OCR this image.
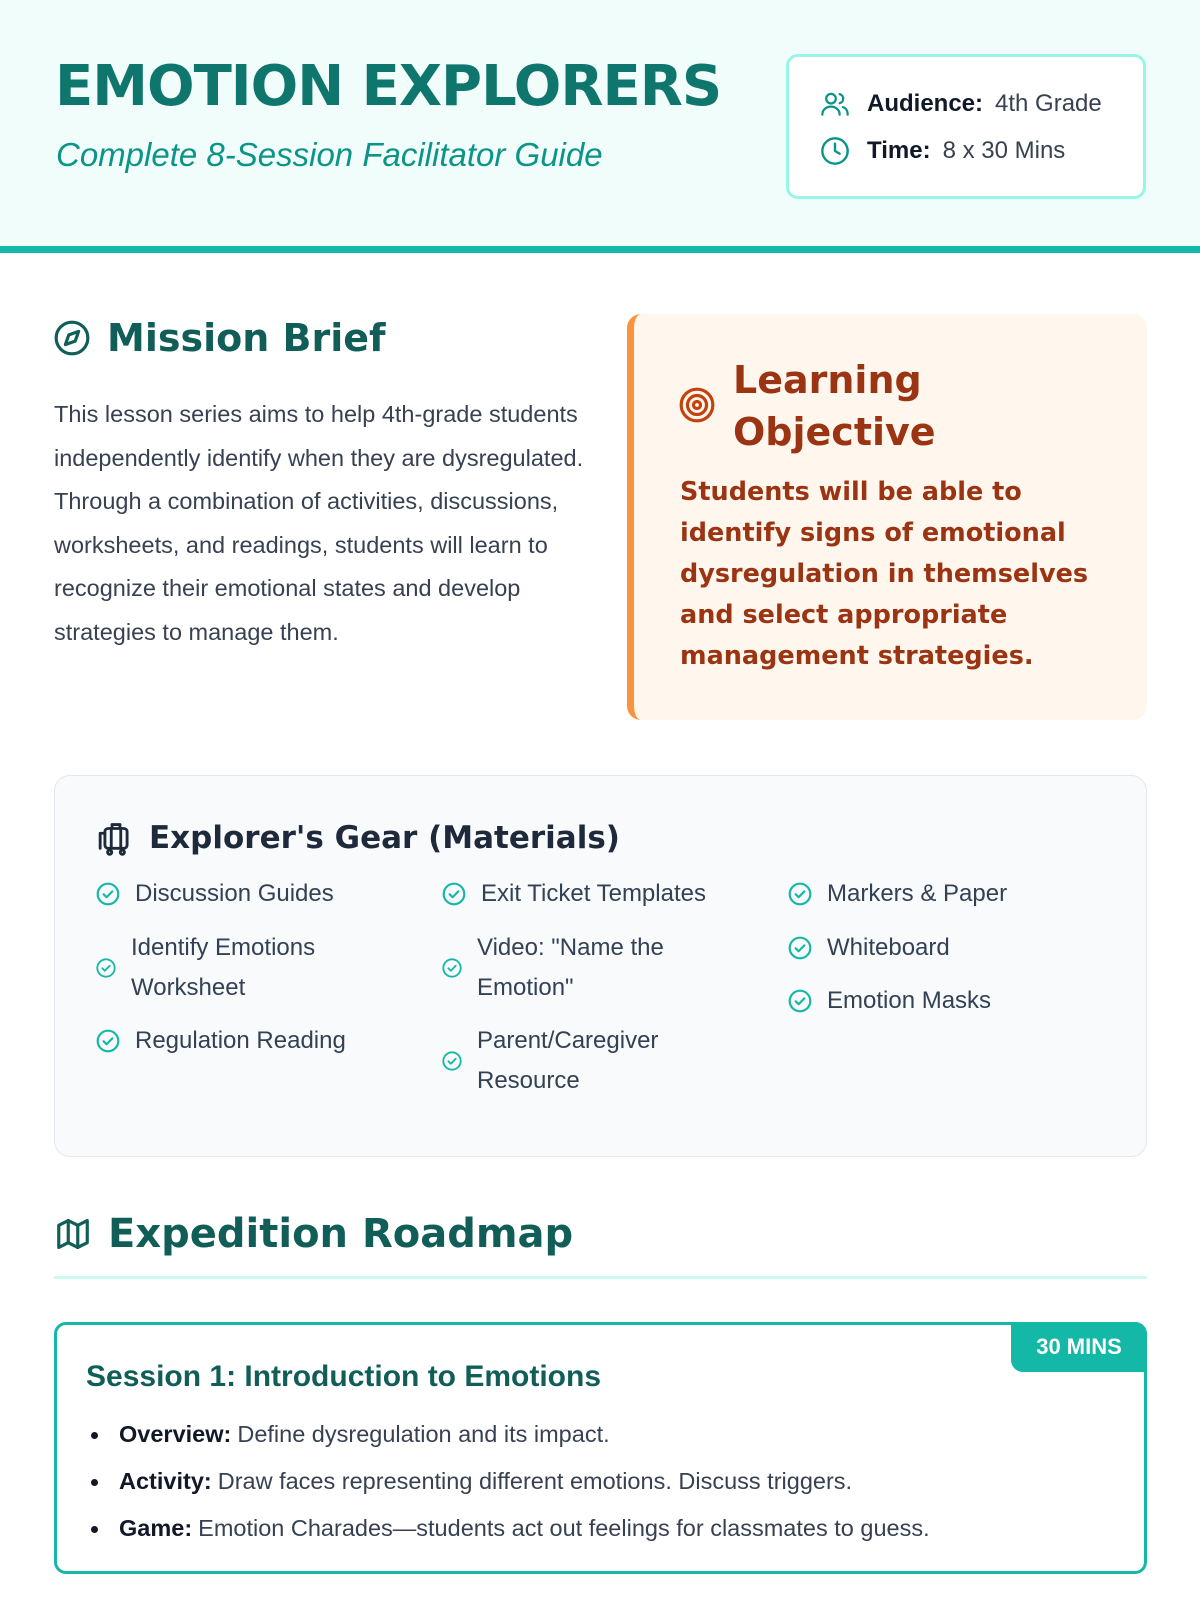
EMOTION EXPLORERS
Complete 8-Session Facilitator Guide
Audience: 4th Grade
Time: 8 x 30 Mins
Mission Brief

This lesson series aims to help 4th-grade students independently identify when they are dysregulated. Through a combination of activities, discussions, worksheets, and readings, students will learn to recognize their emotional states and develop strategies to manage them.

Learning Objective

Students will be able to identify signs of emotional dysregulation in themselves and select appropriate management strategies.

Explorer's Gear (Materials)
Discussion Guides
Identify Emotions Worksheet
Regulation Reading
Exit Ticket Templates
Video: "Name the Emotion"
Parent/Caregiver Resource
Markers & Paper
Whiteboard
Emotion Masks
Expedition Roadmap
30 MINS
Session 1: Introduction to Emotions
Overview: Define dysregulation and its impact.
Activity: Draw faces representing different emotions. Discuss triggers.
Game: Emotion Charades—students act out feelings for classmates to guess.
